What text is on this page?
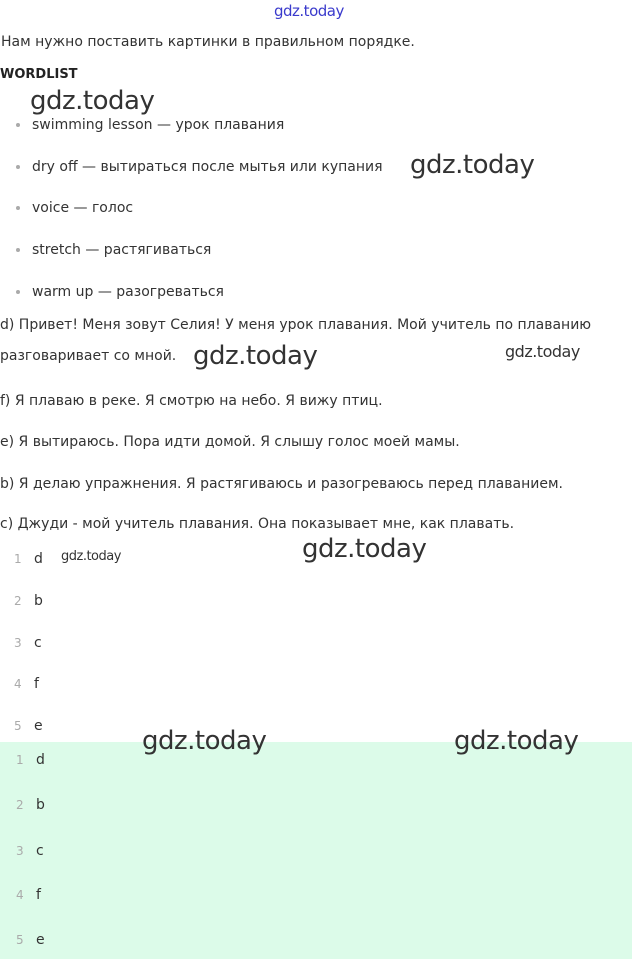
gdz.today
gdz.today
gdz.today
gdz.today	gdz.today
gdz.today
gdz.today
gdz.today	gdz.today
Нам нужно поставить картинки в правильном порядке.
WORDLIST
swimming lesson — урок плавания
dry off — вытираться после мытья или купания
voice — голос
stretch — растягиваться
warm up — разогреваться
d) Привет! Меня зовут Селия! У меня урок плавания. Мой учитель по плаванию
разговаривает со мной.
f) Я плаваю в реке. Я смотрю на небо. Я вижу птиц.
e) Я вытираюсь. Пора идти домой. Я слышу голос моей мамы.
b) Я делаю упражнения. Я растягиваюсь и разогреваюсь перед плаванием.
c) Джуди - мой учитель плавания. Она показывает мне, как плавать.
1 d
2 b
3 c
4 f
5 e
1 d
2 b
3 c
4 f
5 e
